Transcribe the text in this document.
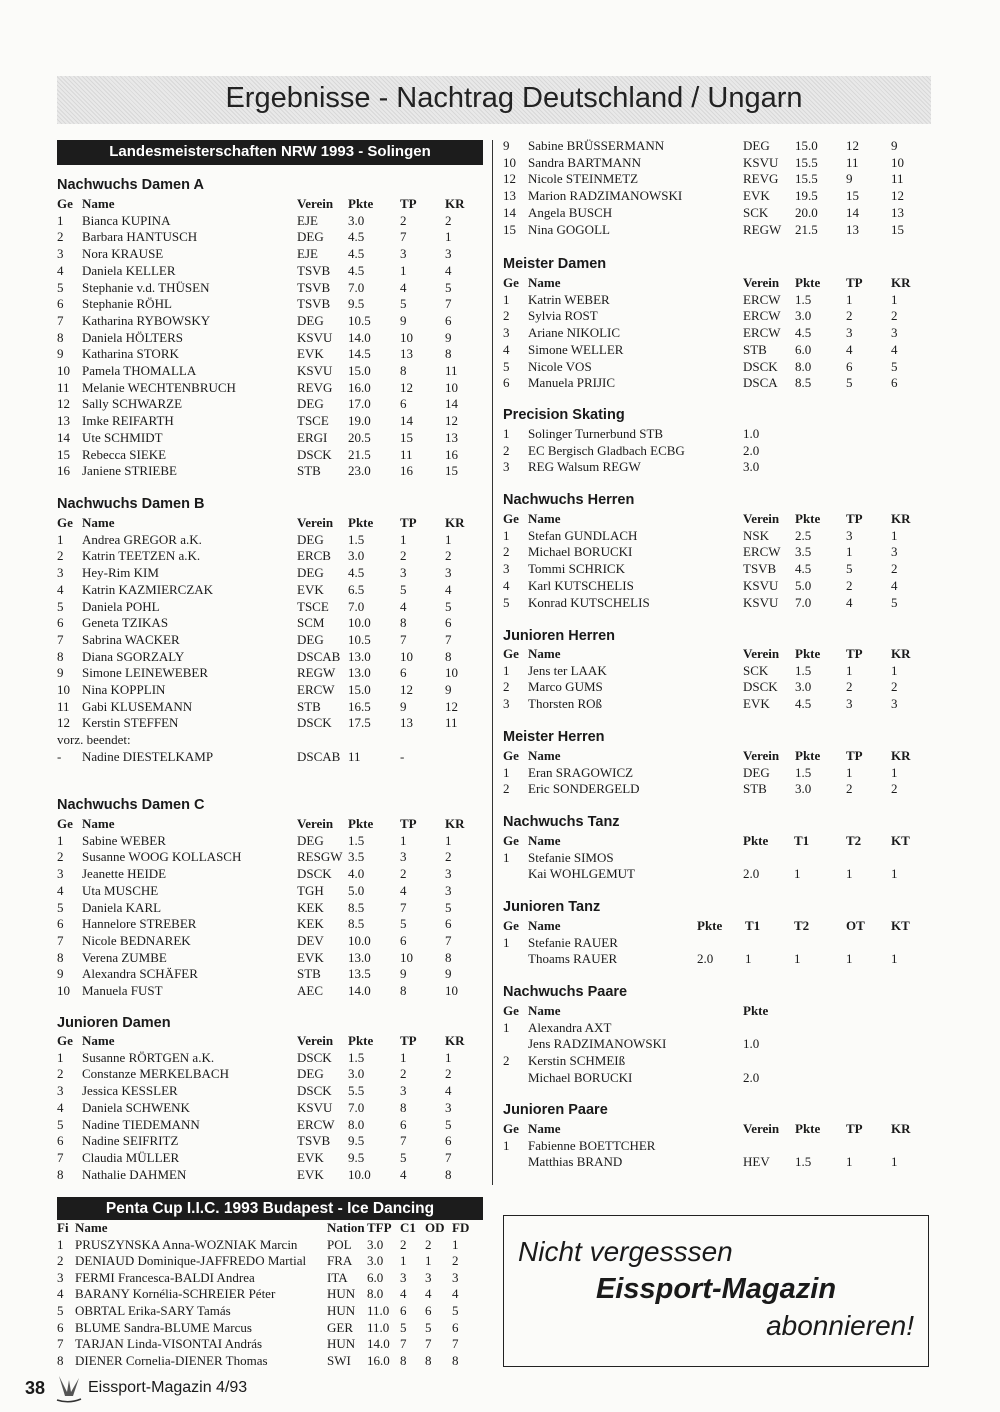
Ergebnisse - Nachtrag Deutschland / Ungarn
Landesmeisterschaften NRW 1993 - Solingen
Nachwuchs Damen A
Ge Name	Verein Pkte TP KR
1 Bianca KUPINA	EJE 3.0	2	2
2 Barbara HANTUSCH	DEG 4.5	7	1
3 Nora KRAUSE	EJE 4.5	3	3
4 Daniela KELLER	TSVB 4.5	1	4
5 Stephanie v.d. THÜSEN	TSVB 7.0	4	5
6 Stephanie RÖHL	TSVB 9.5	5	7
7 Katharina RYBOWSKY	DEG 10.5 9	6
8 Daniela HÖLTERS	KSVU 14.0 10 9
9 Katharina STORK	EVK 14.5 13 8
10 Pamela THOMALLA	KSVU 15.0 8	11
11 Melanie WECHTENBRUCH	REVG 16.0 12 10
12 Sally SCHWARZE	DEG 17.0 6	14
13 Imke REIFARTH	TSCE 19.0 14 12
14 Ute SCHMIDT	ERGI 20.5 15 13
15 Rebecca SIEKE	DSCK 21.5 11 16
16 Janiene STRIEBE	STB 23.0 16 15
Nachwuchs Damen B
Ge Name	Verein Pkte TP KR
1 Andrea GREGOR a.K.	DEG 1.5	1	1
2 Katrin TEETZEN a.K.	ERCB 3.0	2	2
3 Hey-Rim KIM	DEG 4.5	3	3
4 Katrin KAZMIERCZAK	EVK 6.5	5	4
5 Daniela POHL	TSCE 7.0	4	5
6 Geneta TZIKAS	SCM 10.0 8	6
7 Sabrina WACKER	DEG 10.5 7	7
8 Diana SGORZALY	DSCAB 13.0 10 8
9 Simone LEINEWEBER	REGW 13.0 6	10
10 Nina KOPPLIN	ERCW 15.0 12 9
11 Gabi KLUSEMANN	STB 16.5 9	12
12 Kerstin STEFFEN	DSCK 17.5 13 11
vorz. beendet:
- Nadine DIESTELKAMP	DSCAB 11	-
Nachwuchs Damen C
Ge Name	Verein Pkte TP KR
1 Sabine WEBER	DEG 1.5	1	1
2 Susanne WOOG KOLLASCH	RESGW 3.5	3	2
3 Jeanette HEIDE	DSCK 4.0	2	3
4 Uta MUSCHE	TGH 5.0	4	3
5 Daniela KARL	KEK 8.5	7	5
6 Hannelore STREBER	KEK 8.5	5	6
7 Nicole BEDNAREK	DEV 10.0 6	7
8 Verena ZUMBE	EVK 13.0 10 8
9 Alexandra SCHÄFER	STB 13.5 9	9
10 Manuela FUST	AEC 14.0 8	10
Junioren Damen
Ge Name	Verein Pkte TP KR
1 Susanne RÖRTGEN a.K.	DSCK 1.5	1	1
2 Constanze MERKELBACH	DEG 3.0	2	2
3 Jessica KESSLER	DSCK 5.5	3	4
4 Daniela SCHWENK	KSVU 7.0	8	3
5 Nadine TIEDEMANN	ERCW 8.0	6	5
6 Nadine SEIFRITZ	TSVB 9.5	7	6
7 Claudia MÜLLER	EVK 9.5	5	7
8 Nathalie DAHMEN	EVK 10.0 4	8
9 Sabine BRÜSSERMANN	DEG 15.0 12 9
10 Sandra BARTMANN	KSVU 15.5 11 10
12 Nicole STEINMETZ	REVG 15.5 9	11
13 Marion RADZIMANOWSKI	EVK 19.5 15 12
14 Angela BUSCH	SCK 20.0 14 13
15 Nina GOGOLL	REGW 21.5 13 15
Meister Damen
Ge Name	Verein Pkte TP KR
1 Katrin WEBER	ERCW 1.5	1	1
2 Sylvia ROST	ERCW 3.0	2	2
3 Ariane NIKOLIC	ERCW 4.5	3	3
4 Simone WELLER	STB 6.0	4	4
5 Nicole VOS	DSCK 8.0	6	5
6 Manuela PRIJIC	DSCA 8.5	5	6
Precision Skating
1 Solinger Turnerbund STB	1.0
2 EC Bergisch Gladbach ECBG	2.0
3 REG Walsum REGW	3.0
Nachwuchs Herren
Ge Name	Verein Pkte TP KR
1 Stefan GUNDLACH	NSK 2.5	3	1
2 Michael BORUCKI	ERCW 3.5	1	3
3 Tommi SCHRICK	TSVB 4.5	5	2
4 Karl KUTSCHELIS	KSVU 5.0	2	4
5 Konrad KUTSCHELIS	KSVU 7.0	4	5
Junioren Herren
Ge Name	Verein Pkte TP KR
1 Jens ter LAAK	SCK 1.5	1	1
2 Marco GUMS	DSCK 3.0	2	2
3 Thorsten ROß	EVK 4.5	3	3
Meister Herren
Ge Name	Verein Pkte TP KR
1 Eran SRAGOWICZ	DEG 1.5	1	1
2 Eric SONDERGELD	STB 3.0	2	2
Nachwuchs Tanz
Ge Name	Pkte T1	T2 KT
1 Stefanie SIMOS
Kai WOHLGEMUT	2.0	1	1	1
Junioren Tanz
Ge Name	Pkte T1	T2	OT KT
1 Stefanie RAUER
Thoams RAUER	2.0 1	1	1	1
Nachwuchs Paare
Ge Name	Pkte
1 Alexandra AXT
Jens RADZIMANOWSKI	1.0
2 Kerstin SCHMEIß
Michael BORUCKI	2.0
Junioren Paare
Ge Name	Verein Pkte TP KR
1 Fabienne BOETTCHER
Matthias BRAND	HEV 1.5	1	1
Fi Name	Nation TFP C1 OD FD
1 PRUSZYNSKA Anna-WOZNIAK Marcin POL 3.0 2 2 1
2 DENIAUD Dominique-JAFFREDO Martial FRA 3.0 1 1 2
3 FERMI Francesca-BALDI Andrea	ITA 6.0 3 3 3
4 BARANY Kornélia-SCHREIER Péter	HUN 8.0 4 4 4
5 OBRTAL Erika-SARY Tamás	HUN 11.0 6 6 5
6 BLUME Sandra-BLUME Marcus	GER 11.0 5 5 6
7 TARJAN Linda-VISONTAI András	HUN 14.0 7 7 7
8 DIENER Cornelia-DIENER Thomas	SWI 16.0 8 8 8
Penta Cup I.I.C. 1993 Budapest - Ice Dancing
Nicht vergesssen
Eissport-Magazin
abonnieren!
38	Eissport-Magazin 4/93
